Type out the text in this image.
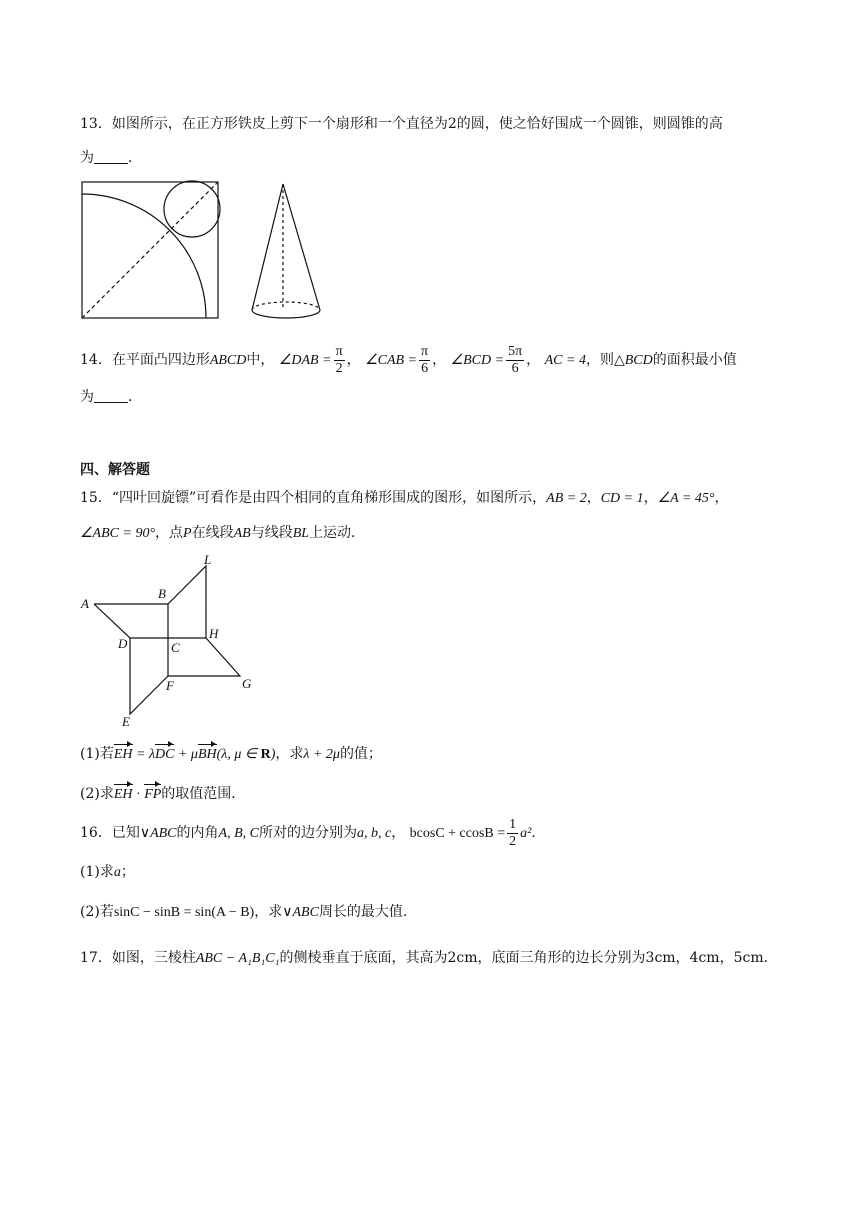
13．如图所示，在正方形铁皮上剪下一个扇形和一个直径为2的圆，使之恰好围成一个圆锥，则圆锥的高
为 ．
14．在平面凸四边形ABCD中， ∠DAB = $\frac{\pi}{2}$ ， ∠CAB = $\frac{\pi}{6}$ ， ∠BCD = $\frac{5\pi}{6}$ ， AC = 4，则△BCD的面积最小值
为 ．
四、解答题
15．“四叶回旋镖”可看作是由四个相同的直角梯形围成的图形，如图所示，AB = 2，CD = 1，∠A = 45°，
∠ABC = 90°，点P在线段AB与线段BL上运动．
L
B
A
H
D	C
F	G
E
(1)若EH = λDC + μBH(λ, μ ∈ R)，求λ + 2μ的值；
(2)求EH · FP的取值范围．
16．已知∨ABC的内角A, B, C所对的边分别为a, b, c， $bcosC + ccosB = \frac{1}{2} a^2$．
(1)求a；
(2)若sinC − sinB = sin(A − B)，求∨ABC周长的最大值．
17．如图，三棱柱ABC − A₁B₁C₁的侧棱垂直于底面，其高为2cm，底面三角形的边长分别为3cm，4cm，5cm.
